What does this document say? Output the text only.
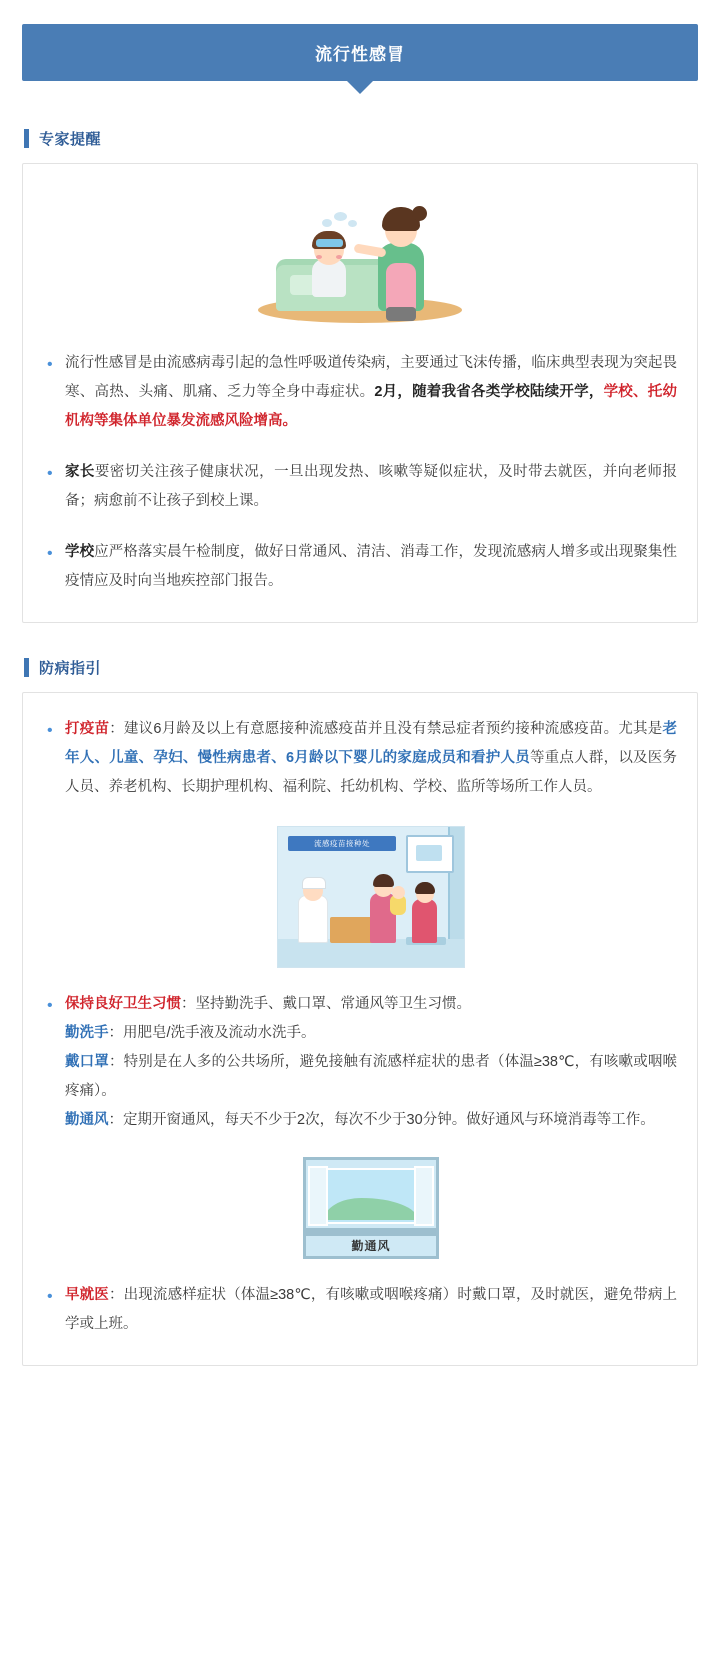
流行性感冒
专家提醒
• 流行性感冒是由流感病毒引起的急性呼吸道传染病，主要通过飞沫传播，临床典型表现为突起畏寒、高热、头痛、肌痛、乏力等全身中毒症状。2月，随着我省各类学校陆续开学，学校、托幼机构等集体单位暴发流感风险增高。
• 家长要密切关注孩子健康状况，一旦出现发热、咳嗽等疑似症状，及时带去就医，并向老师报备；病愈前不让孩子到校上课。
• 学校应严格落实晨午检制度，做好日常通风、清洁、消毒工作，发现流感病人增多或出现聚集性疫情应及时向当地疾控部门报告。
防病指引
• 打疫苗：建议6月龄及以上有意愿接种流感疫苗并且没有禁忌症者预约接种流感疫苗。尤其是老年人、儿童、孕妇、慢性病患者、6月龄以下婴儿的家庭成员和看护人员等重点人群，以及医务人员、养老机构、长期护理机构、福利院、托幼机构、学校、监所等场所工作人员。
流感疫苗接种处
• 保持良好卫生习惯：坚持勤洗手、戴口罩、常通风等卫生习惯。
勤洗手：用肥皂/洗手液及流动水洗手。
戴口罩：特别是在人多的公共场所，避免接触有流感样症状的患者（体温≥38℃，有咳嗽或咽喉疼痛）。
勤通风：定期开窗通风，每天不少于2次，每次不少于30分钟。做好通风与环境消毒等工作。
勤通风
• 早就医：出现流感样症状（体温≥38℃，有咳嗽或咽喉疼痛）时戴口罩，及时就医，避免带病上学或上班。
